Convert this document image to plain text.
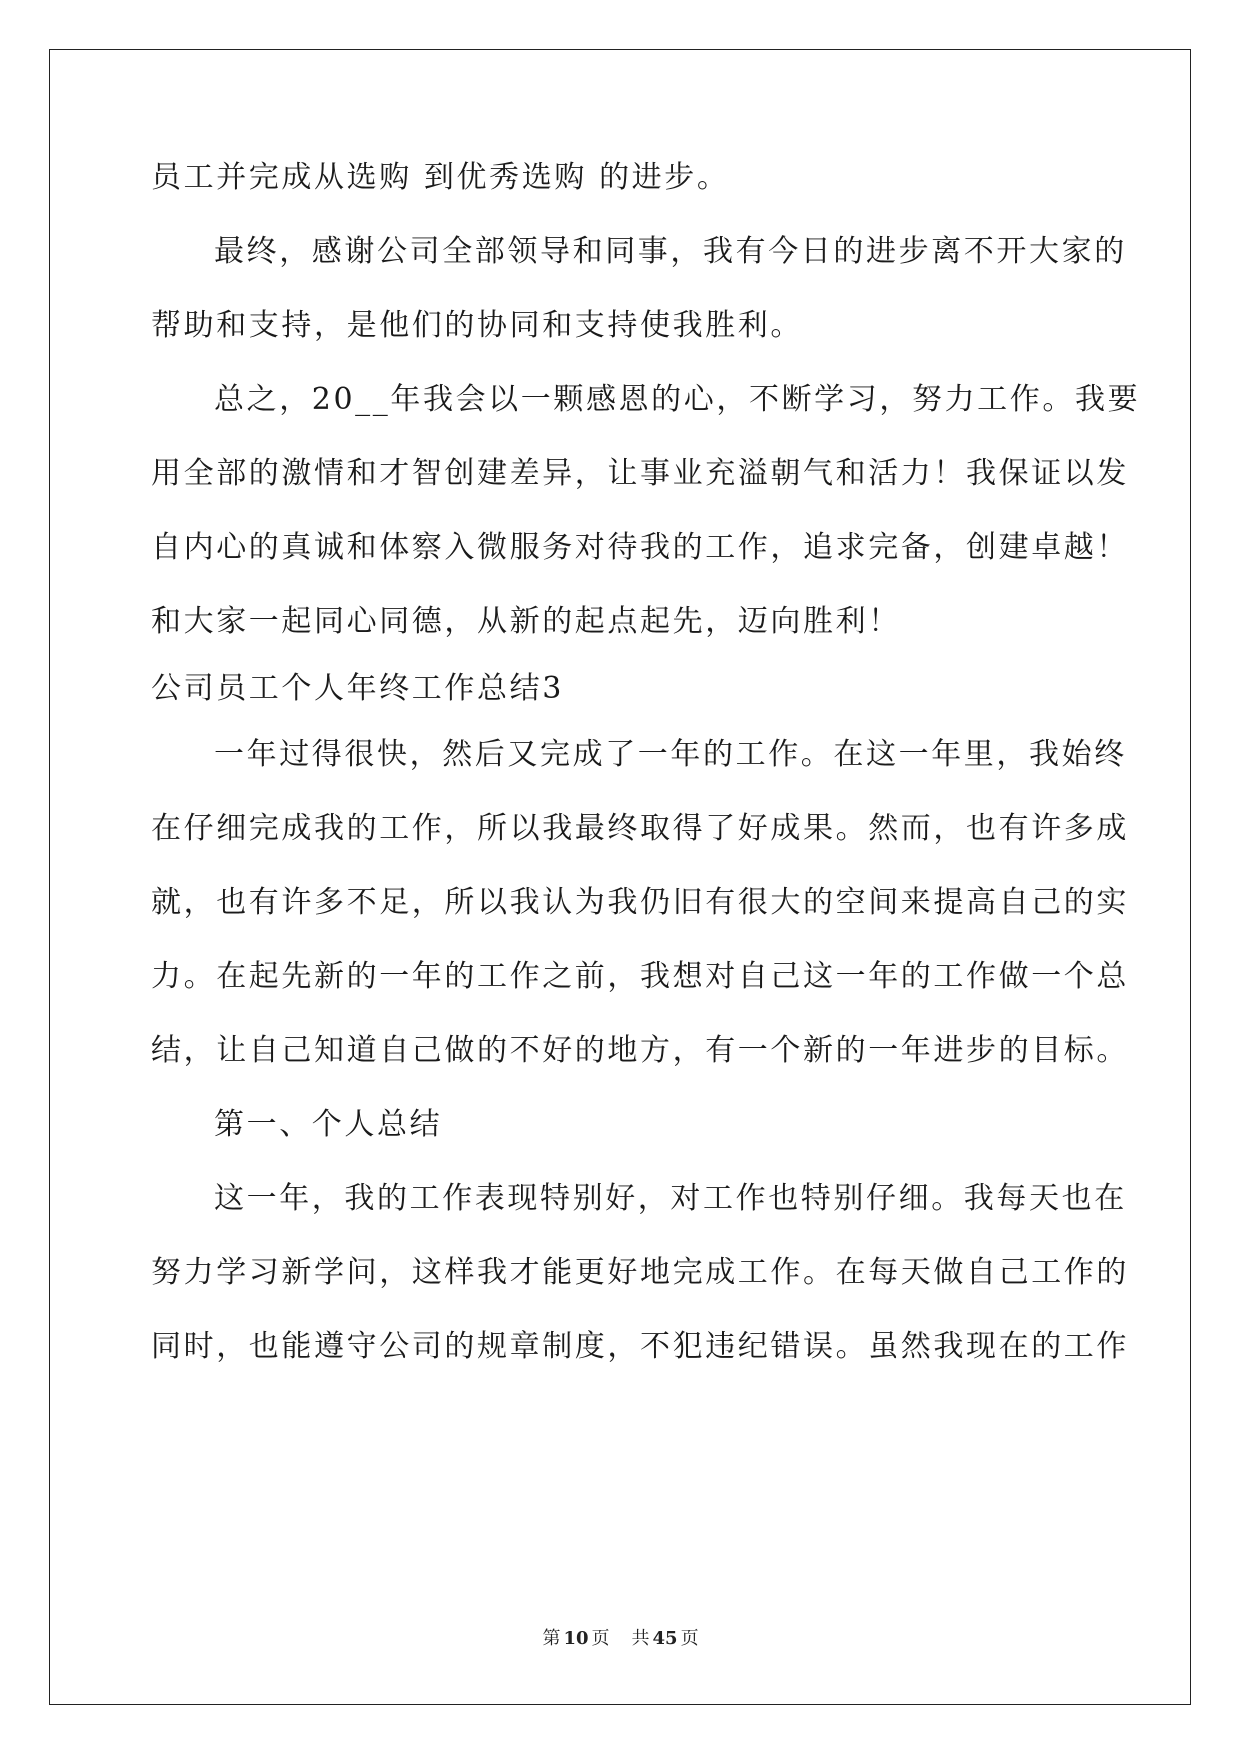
员工并完成从选购 到优秀选购 的进步。
最终，感谢公司全部领导和同事，我有今日的进步离不开大家的
帮助和支持，是他们的协同和支持使我胜利。
总之，20__年我会以一颗感恩的心，不断学习，努力工作。我要
用全部的激情和才智创建差异，让事业充溢朝气和活力！我保证以发
自内心的真诚和体察入微服务对待我的工作，追求完备，创建卓越！
和大家一起同心同德，从新的起点起先，迈向胜利！
公司员工个人年终工作总结3
一年过得很快，然后又完成了一年的工作。在这一年里，我始终
在仔细完成我的工作，所以我最终取得了好成果。然而，也有许多成
就，也有许多不足，所以我认为我仍旧有很大的空间来提高自己的实
力。在起先新的一年的工作之前，我想对自己这一年的工作做一个总
结，让自己知道自己做的不好的地方，有一个新的一年进步的目标。
第一、个人总结
这一年，我的工作表现特别好，对工作也特别仔细。我每天也在
努力学习新学问，这样我才能更好地完成工作。在每天做自己工作的
同时，也能遵守公司的规章制度，不犯违纪错误。虽然我现在的工作
第 10 页 共 45 页
